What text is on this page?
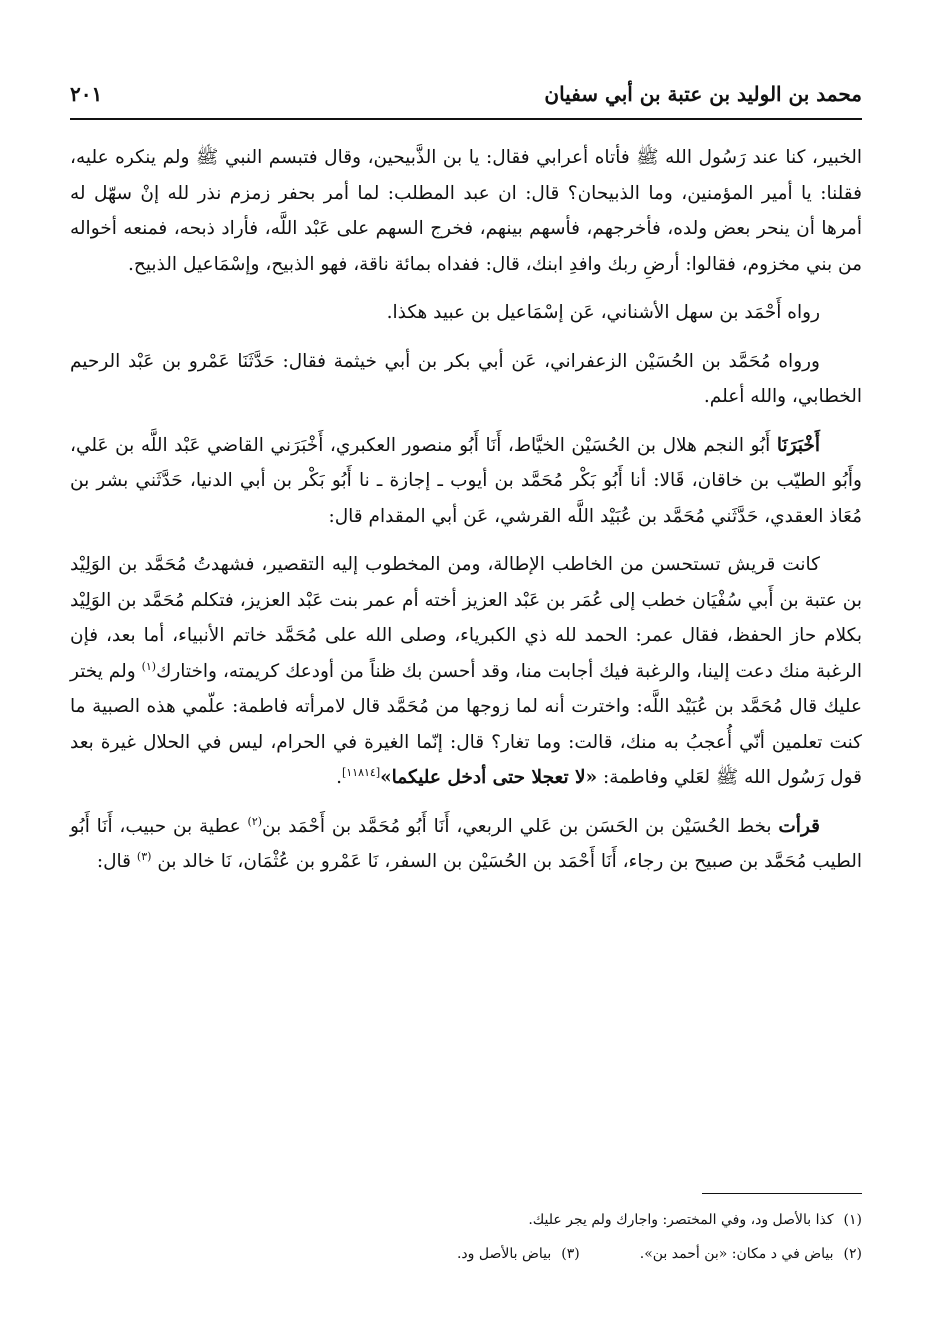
محمد بن الوليد بن عتبة بن أبي سفيان
٢٠١

الخبير، كنا عند رَسُول الله ﷺ فأتاه أعرابي فقال: يا بن الذَّبيحين، وقال فتبسم النبي ﷺ ولم ينكره عليه، فقلنا: يا أمير المؤمنين، وما الذبيحان؟ قال: ان عبد المطلب: لما أمر بحفر زمزم نذر لله إنْ سهّل له أمرها أن ينحر بعض ولده، فأخرجهم، فأسهم بينهم، فخرج السهم على عَبْد اللَّه، فأراد ذبحه، فمنعه أخواله من بني مخزوم، فقالوا: أرضِ ربك وافدِ ابنك، قال: ففداه بمائة ناقة، فهو الذبيح، وإسْمَاعيل الذبيح.

رواه أَحْمَد بن سهل الأشناني، عَن إسْمَاعيل بن عبيد هكذا.

ورواه مُحَمَّد بن الحُسَيْن الزعفراني، عَن أبي بكر بن أبي خيثمة فقال: حَدَّثَنَا عَمْرو بن عَبْد الرحيم الخطابي، والله أعلم.

أَخْبَرَنَا أَبُو النجم هلال بن الحُسَيْن الخيَّاط، أَنَا أَبُو منصور العكبري، أَخْبَرَني القاضي عَبْد اللَّه بن عَلي، وأَبُو الطيّب بن خاقان، قَالا: أنا أَبُو بَكْر مُحَمَّد بن أيوب ـ إجازة ـ نا أَبُو بَكْر بن أبي الدنيا، حَدَّثَني بشر بن مُعَاذ العقدي، حَدَّثَني مُحَمَّد بن عُبَيْد اللَّه القرشي، عَن أبي المقدام قال:

كانت قريش تستحسن من الخاطب الإطالة، ومن المخطوب إليه التقصير، فشهدتُ مُحَمَّد بن الوَلِيْد بن عتبة بن أَبي سُفْيَان خطب إلى عُمَر بن عَبْد العزيز أخته أم عمر بنت عَبْد العزيز، فتكلم مُحَمَّد بن الوَلِيْد بكلام حاز الحفظ، فقال عمر: الحمد لله ذي الكبرياء، وصلى الله على مُحَمَّد خاتم الأنبياء، أما بعد، فإن الرغبة منك دعت إلينا، والرغبة فيك أجابت منا، وقد أحسن بك ظناً من أودعك كريمته، واختارك$^{(١)}$ ولم يختر عليك قال مُحَمَّد بن عُبَيْد اللَّه: واخترت أنه لما زوجها من مُحَمَّد قال لامرأته فاطمة: علّمي هذه الصبية ما كنت تعلمين أنّي أُعجبُ به منك، قالت: وما تغار؟ قال: إنّما الغيرة في الحرام، ليس في الحلال غيرة بعد قول رَسُول الله ﷺ لعَلي وفاطمة: «لا تعجلا حتى أدخل عليكما»[١١٨١٤].

قرأت بخط الحُسَيْن بن الحَسَن بن عَلي الربعي، أَنَا أَبُو مُحَمَّد بن أَحْمَد بن$^{(٢)}$ عطية بن حبيب، أَنَا أَبُو الطيب مُحَمَّد بن صبيح بن رجاء، أَنَا أَحْمَد بن الحُسَيْن بن السفر، نَا عَمْرو بن عُثْمَان، نَا خالد بن $^{(٣)}$ قال:

(١)كذا بالأصل ود، وفي المختصر: واجارك ولم يجر عليك.
(٢)بياض في د مكان: «بن أحمد بن».
(٣)بياض بالأصل ود.
